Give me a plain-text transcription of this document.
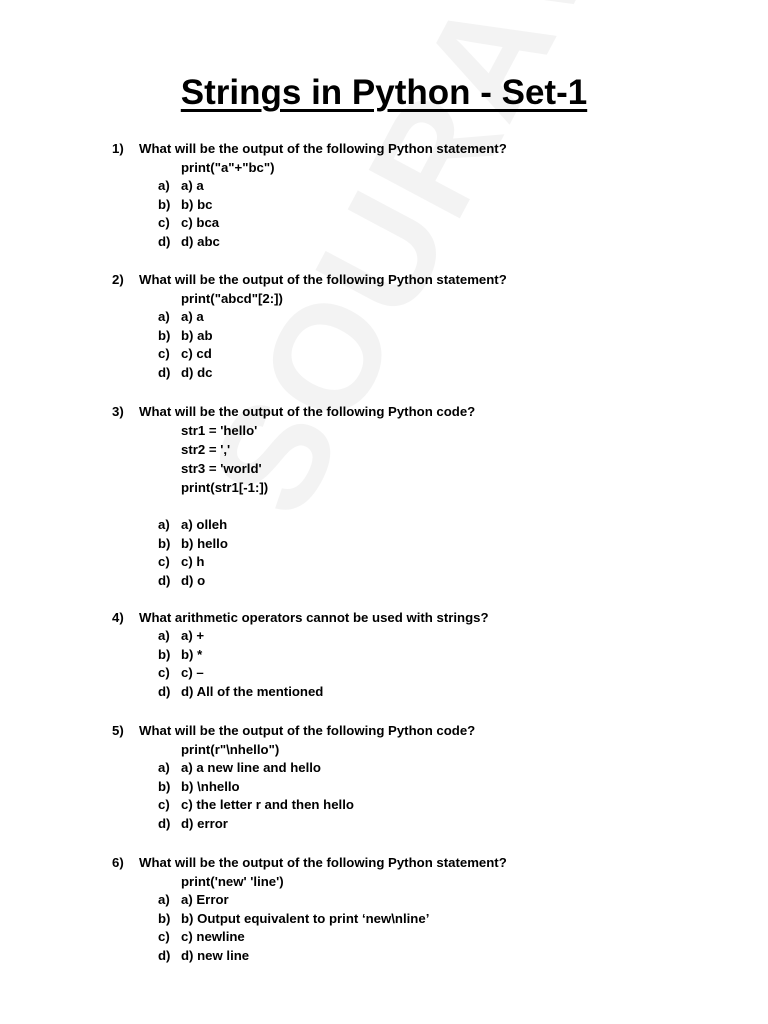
Strings in Python - Set-1
1) What will be the output of the following Python statement?
print("a"+"bc")
a) a) a
b) b) bc
c) c) bca
d) d) abc
2) What will be the output of the following Python statement?
print("abcd"[2:])
a) a) a
b) b) ab
c) c) cd
d) d) dc
3) What will be the output of the following Python code?
str1 = 'hello'
str2 = ','
str3 = 'world'
print(str1[-1:])
a) a) olleh
b) b) hello
c) c) h
d) d) o
4) What arithmetic operators cannot be used with strings?
a) a) +
b) b) *
c) c) –
d) d) All of the mentioned
5) What will be the output of the following Python code?
print(r"\nhello")
a) a) a new line and hello
b) b) \nhello
c) c) the letter r and then hello
d) d) error
6) What will be the output of the following Python statement?
print('new' 'line')
a) a) Error
b) b) Output equivalent to print ‘new\nline’
c) c) newline
d) d) new line
